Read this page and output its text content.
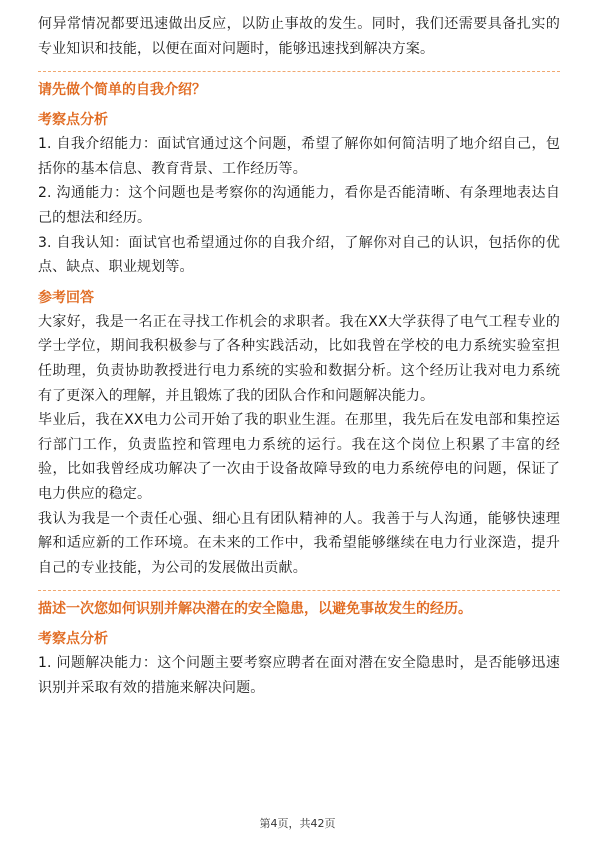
何异常情况都要迅速做出反应，以防止事故的发生。同时，我们还需要具备扎实的专业知识和技能，以便在面对问题时，能够迅速找到解决方案。

请先做个简单的自我介绍？
考察点分析

1. 自我介绍能力：面试官通过这个问题，希望了解你如何简洁明了地介绍自己，包括你的基本信息、教育背景、工作经历等。

2. 沟通能力：这个问题也是考察你的沟通能力，看你是否能清晰、有条理地表达自己的想法和经历。

3. 自我认知：面试官也希望通过你的自我介绍，了解你对自己的认识，包括你的优点、缺点、职业规划等。

参考回答

大家好，我是一名正在寻找工作机会的求职者。我在XX大学获得了电气工程专业的学士学位，期间我积极参与了各种实践活动，比如我曾在学校的电力系统实验室担任助理，负责协助教授进行电力系统的实验和数据分析。这个经历让我对电力系统有了更深入的理解，并且锻炼了我的团队合作和问题解决能力。

毕业后，我在XX电力公司开始了我的职业生涯。在那里，我先后在发电部和集控运行部门工作，负责监控和管理电力系统的运行。我在这个岗位上积累了丰富的经验，比如我曾经成功解决了一次由于设备故障导致的电力系统停电的问题，保证了电力供应的稳定。

我认为我是一个责任心强、细心且有团队精神的人。我善于与人沟通，能够快速理解和适应新的工作环境。在未来的工作中，我希望能够继续在电力行业深造，提升自己的专业技能，为公司的发展做出贡献。

描述一次您如何识别并解决潜在的安全隐患，以避免事故发生的经历。
考察点分析

1. 问题解决能力：这个问题主要考察应聘者在面对潜在安全隐患时，是否能够迅速识别并采取有效的措施来解决问题。

第4页，共42页
